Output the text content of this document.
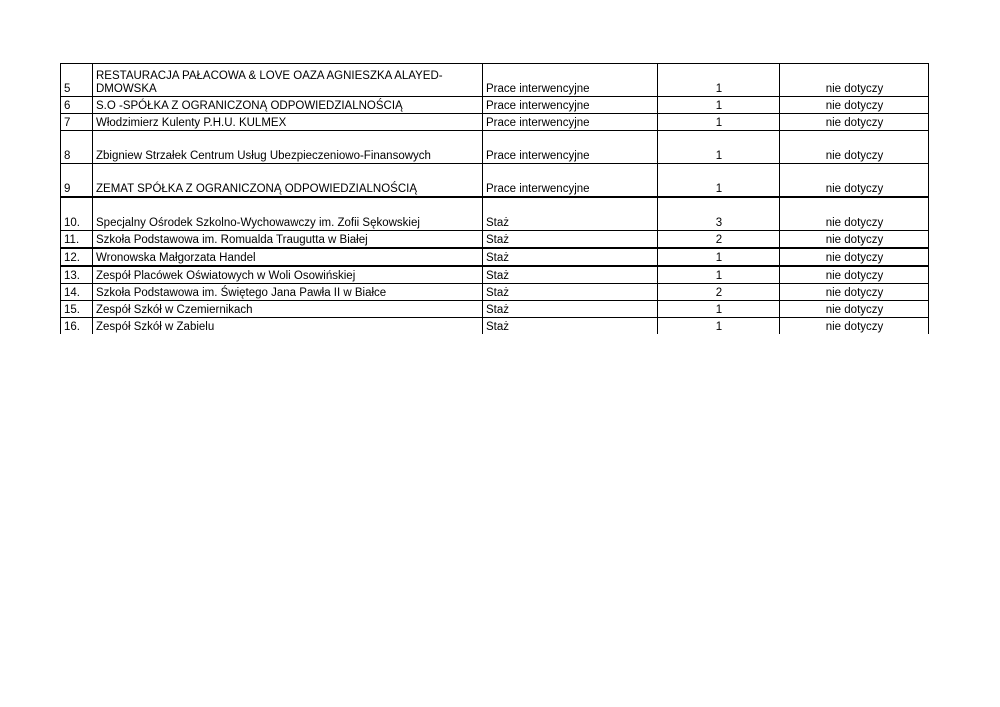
5	RESTAURACJA PAŁACOWA & LOVE OAZA AGNIESZKA ALAYED-DMOWSKA	Prace interwencyjne	1	nie dotyczy
6	S.O -SPÓŁKA Z OGRANICZONĄ ODPOWIEDZIALNOŚCIĄ	Prace interwencyjne	1	nie dotyczy
7	Włodzimierz Kulenty P.H.U. KULMEX	Prace interwencyjne	1	nie dotyczy
8	Zbigniew Strzałek Centrum Usług Ubezpieczeniowo-Finansowych	Prace interwencyjne	1	nie dotyczy
9	ZEMAT SPÓŁKA Z OGRANICZONĄ ODPOWIEDZIALNOŚCIĄ	Prace interwencyjne	1	nie dotyczy
10.	Specjalny Ośrodek Szkolno-Wychowawczy im. Zofii Sękowskiej	Staż	3	nie dotyczy
11.	Szkoła Podstawowa im. Romualda Traugutta w Białej	Staż	2	nie dotyczy
12.	Wronowska Małgorzata Handel	Staż	1	nie dotyczy
13.	Zespół Placówek Oświatowych w Woli Osowińskiej	Staż	1	nie dotyczy
14.	Szkoła Podstawowa im. Świętego Jana Pawła II w Białce	Staż	2	nie dotyczy
15.	Zespół Szkół w Czemiernikach	Staż	1	nie dotyczy
16.	Zespół Szkół w Zabielu	Staż	1	nie dotyczy
